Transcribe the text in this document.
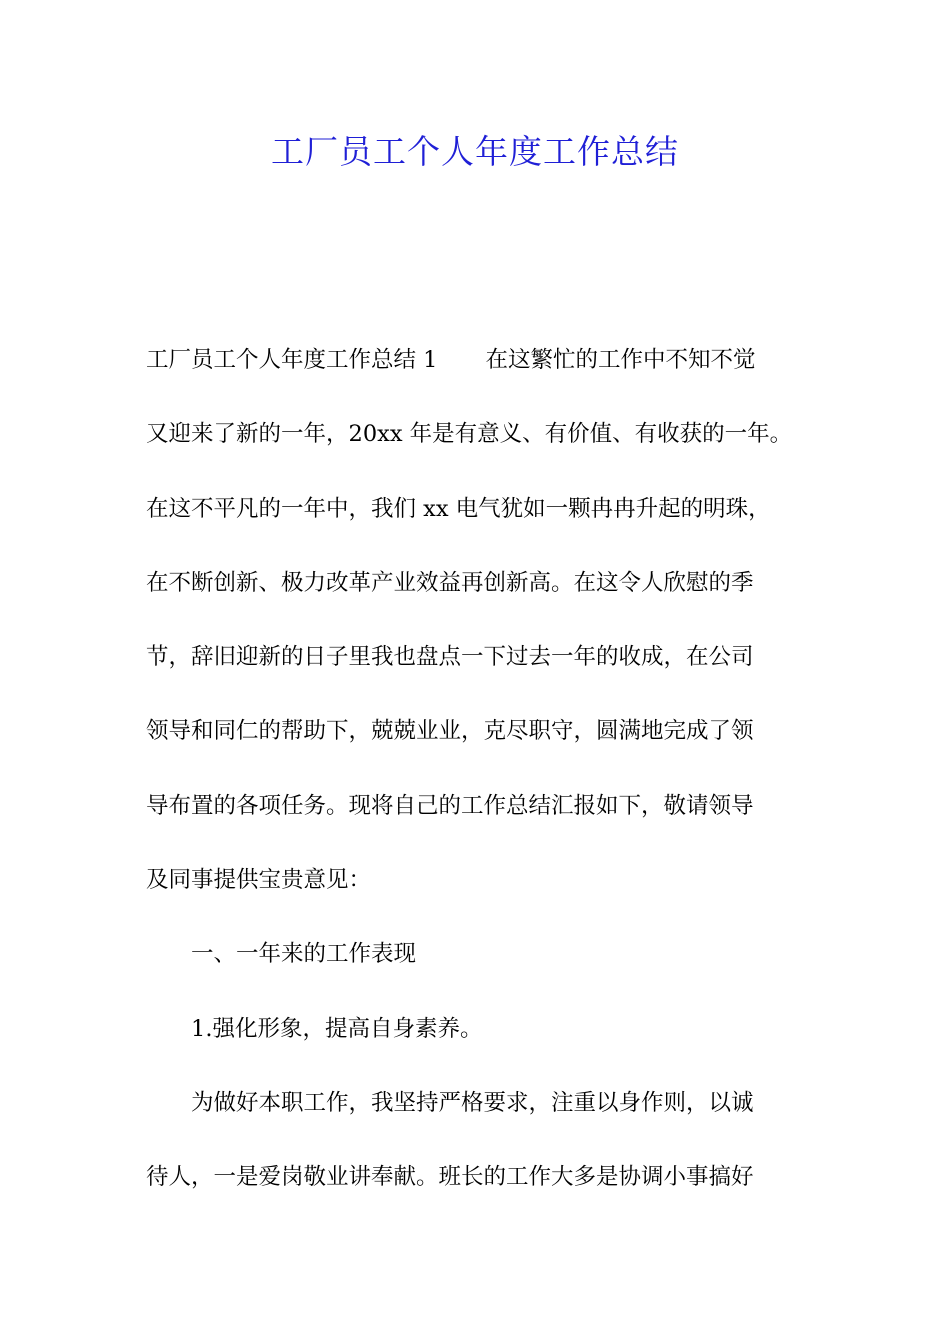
工厂员工个人年度工作总结
工厂员工个人年度工作总结 1 在这繁忙的工作中不知不觉
又迎来了新的一年，20xx 年是有意义、有价值、有收获的一年。
在这不平凡的一年中，我们 xx 电气犹如一颗冉冉升起的明珠，
在不断创新、极力改革产业效益再创新高。在这令人欣慰的季
节，辞旧迎新的日子里我也盘点一下过去一年的收成，在公司
领导和同仁的帮助下，兢兢业业，克尽职守，圆满地完成了领
导布置的各项任务。现将自己的工作总结汇报如下，敬请领导
及同事提供宝贵意见：
一、一年来的工作表现
1.强化形象，提高自身素养。
为做好本职工作，我坚持严格要求，注重以身作则，以诚
待人，一是爱岗敬业讲奉献。班长的工作大多是协调小事搞好
